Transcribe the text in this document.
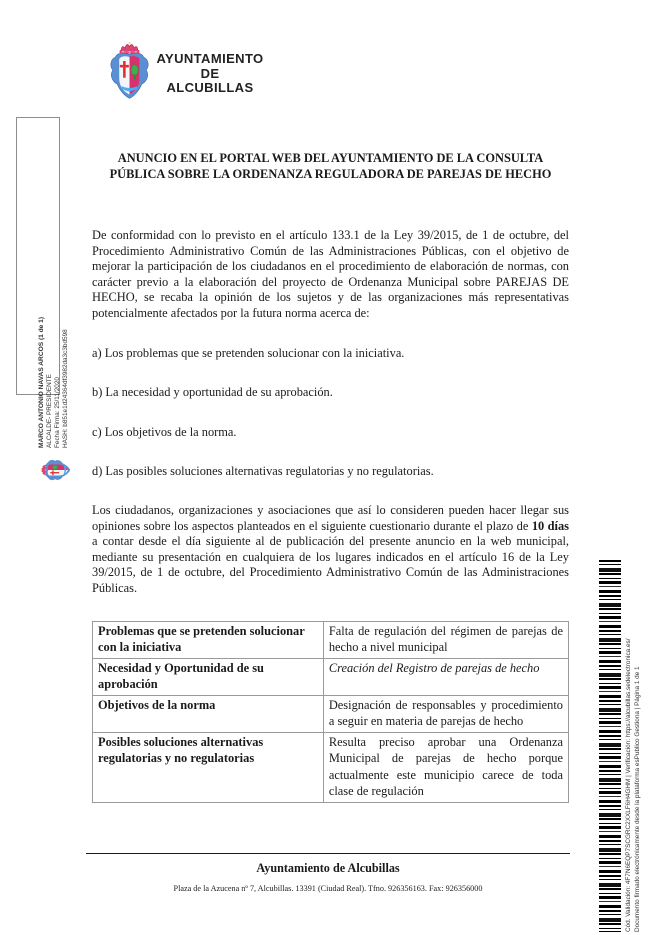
AYUNTAMIENTO
DE
ALCUBILLAS
MARCO ANTONIO NAVAS ARCOS (1 de 1) ALCALDE- PRESIDENTE Fecha Firma: 25/11/2020 HASH: b851e1d24364df3982da3c3bd598

ANUNCIO EN EL PORTAL WEB DEL AYUNTAMIENTO DE LA CONSULTA PÚBLICA SOBRE LA ORDENANZA REGULADORA DE PAREJAS DE HECHO

De conformidad con lo previsto en el artículo 133.1 de la Ley 39/2015, de 1 de octubre, del Procedimiento Administrativo Común de las Administraciones Públicas, con el objetivo de mejorar la participación de los ciudadanos en el procedimiento de elaboración de normas, con carácter previo a la elaboración del proyecto de Ordenanza Municipal sobre PAREJAS DE HECHO, se recaba la opinión de los sujetos y de las organizaciones más representativas potencialmente afectados por la futura norma acerca de:

a) Los problemas que se pretenden solucionar con la iniciativa.
b) La necesidad y oportunidad de su aprobación.
c) Los objetivos de la norma.
d) Las posibles soluciones alternativas regulatorias y no regulatorias.

Los ciudadanos, organizaciones y asociaciones que así lo consideren pueden hacer llegar sus opiniones sobre los aspectos planteados en el siguiente cuestionario durante el plazo de 10 días a contar desde el día siguiente al de publicación del presente anuncio en la web municipal, mediante su presentación en cualquiera de los lugares indicados en el artículo 16 de la Ley 39/2015, de 1 de octubre, del Procedimiento Administrativo Común de las Administraciones Públicas.

Problemas que se pretenden solucionar con la iniciativa	Falta de regulación del régimen de parejas de hecho a nivel municipal
Necesidad y Oportunidad de su aprobación	Creación del Registro de parejas de hecho
Objetivos de la norma	Designación de responsables y procedimiento a seguir en materia de parejas de hecho
Posibles soluciones alternativas regulatorias y no regulatorias	Resulta preciso aprobar una Ordenanza Municipal de parejas de hecho porque actualmente este municipio carece de toda clase de regulación
Ayuntamiento de Alcubillas
Plaza de la Azucena nº 7, Alcubillas. 13391 (Ciudad Real). Tfno. 926356163. Fax: 926356000	Cód. Validación: 4F7N6EQP7SCGRC2XXLF6H4GHM | Verificación: https://alcubillas.sedelectronica.es/ Documento firmado electrónicamente desde la plataforma esPublico Gestiona | Página 1 de 1
